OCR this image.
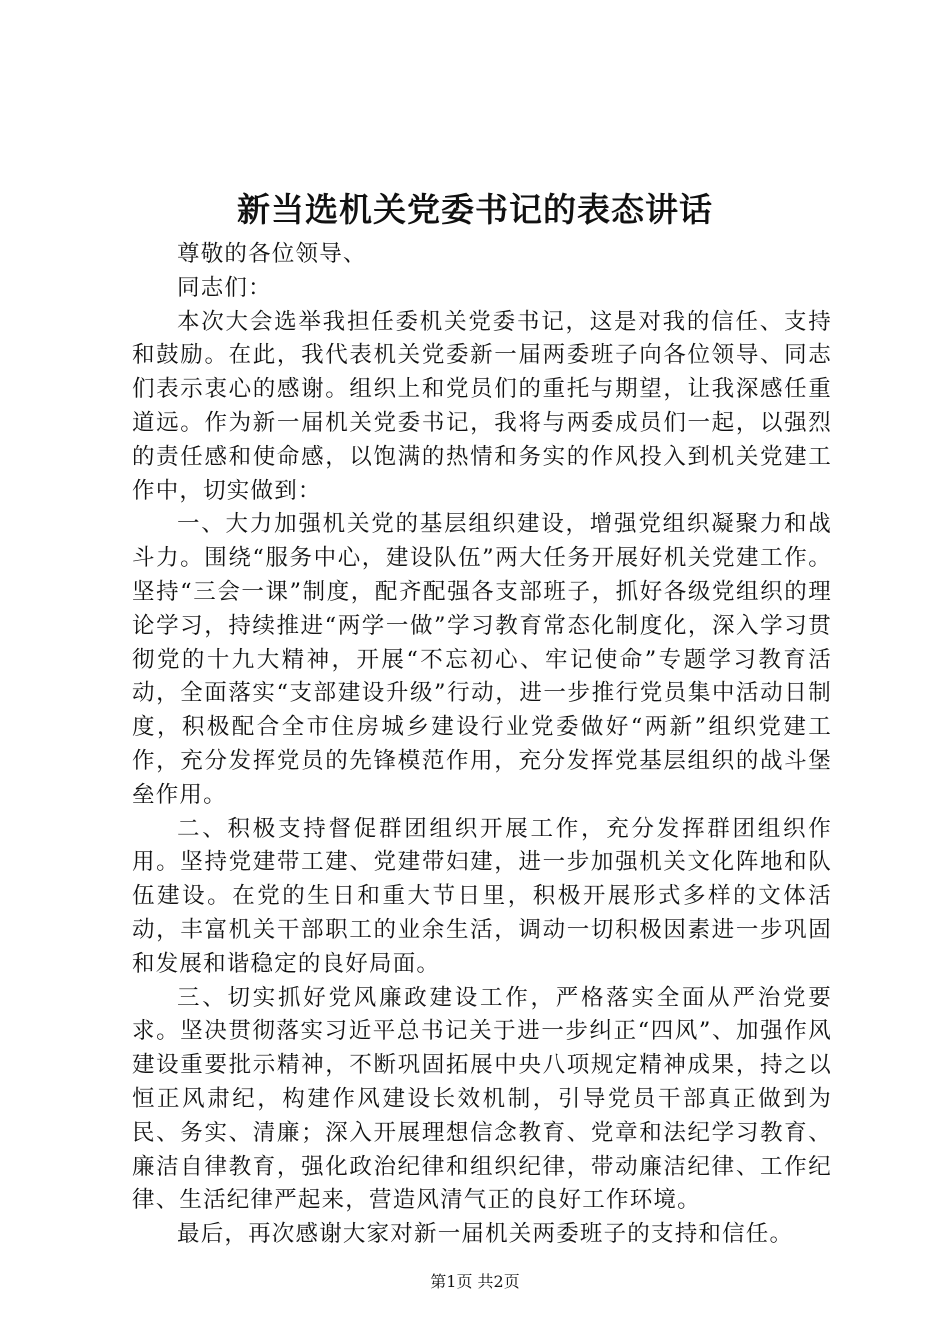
新当选机关党委书记的表态讲话

尊敬的各位领导、

同志们：

本次大会选举我担任委机关党委书记，这是对我的信任、支持和鼓励。在此，我代表机关党委新一届两委班子向各位领导、同志们表示衷心的感谢。组织上和党员们的重托与期望，让我深感任重道远。作为新一届机关党委书记，我将与两委成员们一起，以强烈的责任感和使命感，以饱满的热情和务实的作风投入到机关党建工作中，切实做到：

一、大力加强机关党的基层组织建设，增强党组织凝聚力和战斗力。围绕“服务中心，建设队伍”两大任务开展好机关党建工作。坚持“三会一课”制度，配齐配强各支部班子，抓好各级党组织的理论学习，持续推进“两学一做”学习教育常态化制度化，深入学习贯彻党的十九大精神，开展“不忘初心、牢记使命”专题学习教育活动，全面落实“支部建设升级”行动，进一步推行党员集中活动日制度，积极配合全市住房城乡建设行业党委做好“两新”组织党建工作，充分发挥党员的先锋模范作用，充分发挥党基层组织的战斗堡垒作用。

二、积极支持督促群团组织开展工作，充分发挥群团组织作用。坚持党建带工建、党建带妇建，进一步加强机关文化阵地和队伍建设。在党的生日和重大节日里，积极开展形式多样的文体活动，丰富机关干部职工的业余生活，调动一切积极因素进一步巩固和发展和谐稳定的良好局面。

三、切实抓好党风廉政建设工作，严格落实全面从严治党要求。坚决贯彻落实习近平总书记关于进一步纠正“四风”、加强作风建设重要批示精神，不断巩固拓展中央八项规定精神成果，持之以恒正风肃纪，构建作风建设长效机制，引导党员干部真正做到为民、务实、清廉；深入开展理想信念教育、党章和法纪学习教育、廉洁自律教育，强化政治纪律和组织纪律，带动廉洁纪律、工作纪律、生活纪律严起来，营造风清气正的良好工作环境。

最后，再次感谢大家对新一届机关两委班子的支持和信任。

第1页 共2页
